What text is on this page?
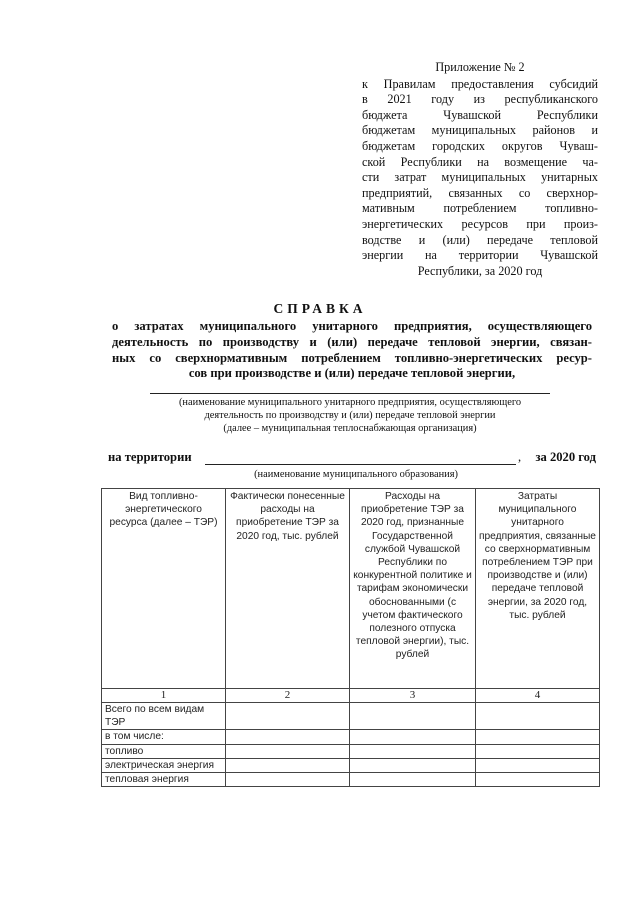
Приложение № 2
к Правилам предоставления субсидий
в 2021 году из республиканского
бюджета Чувашской Республики
бюджетам муниципальных районов и
бюджетам городских округов Чуваш-
ской Республики на возмещение ча-
сти затрат муниципальных унитарных
предприятий, связанных со сверхнор-
мативным потреблением топливно-
энергетических ресурсов при произ-
водстве и (или) передаче тепловой
энергии на территории Чувашской
Республики, за 2020 год
СПРАВКА
о затратах муниципального унитарного предприятия, осуществляющего
деятельность по производству и (или) передаче тепловой энергии, связан-
ных со сверхнормативным потреблением топливно-энергетических ресур-
сов при производстве и (или) передаче тепловой энергии,
(наименование муниципального унитарного предприятия, осуществляющего
деятельность по производству и (или) передаче тепловой энергии
(далее – муниципальная теплоснабжающая организация)
на территории	, за 2020 год
(наименование муниципального образования)
Вид топливно-энергетического ресурса (далее – ТЭР)	Фактически понесенные расходы на приобретение ТЭР за 2020 год, тыс. рублей	Расходы на приобретение ТЭР за 2020 год, признанные Государственной службой Чувашской Республики по конкурентной политике и тарифам экономически обоснованными (с учетом фактического полезного отпуска тепловой энергии), тыс. рублей	Затраты муниципального унитарного предприятия, связанные со сверхнормативным потреблением ТЭР при производстве и (или) передаче тепловой энергии, за 2020 год, тыс. рублей
1	2	3	4
Всего по всем видам ТЭР			
в том числе:			
топливо			
электрическая энергия			
тепловая энергия			
